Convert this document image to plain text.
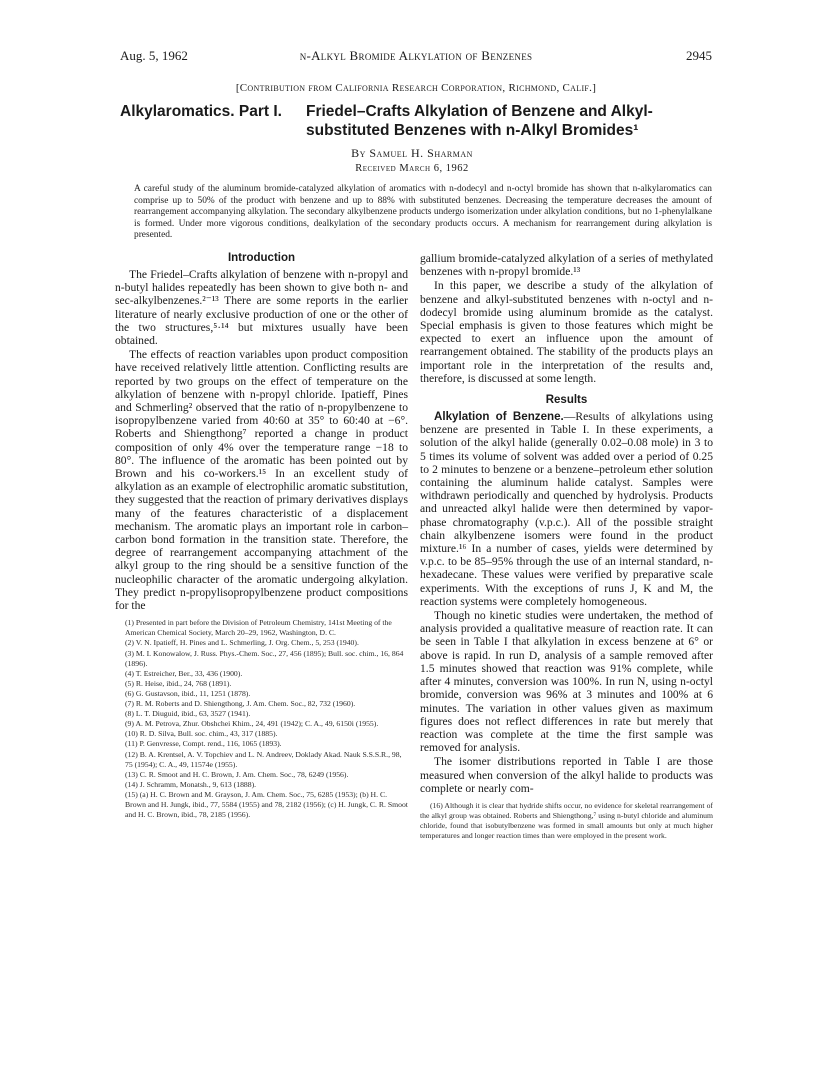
n-Alkyl Bromide Alkylation of Benzenes
Aug. 5, 1962	2945
[Contribution from California Research Corporation, Richmond, Calif.]
Alkylaromatics. Part I. Friedel–Crafts Alkylation of Benzene and Alkyl-substituted Benzenes with n-Alkyl Bromides¹
By Samuel H. Sharman
Received March 6, 1962
A careful study of the aluminum bromide-catalyzed alkylation of aromatics with n-dodecyl and n-octyl bromide has shown that n-alkylaromatics can comprise up to 50% of the product with benzene and up to 88% with substituted benzenes. Decreasing the temperature decreases the amount of rearrangement accompanying alkylation. The secondary alkylbenzene products undergo isomerization under alkylation conditions, but no 1-phenylalkane is formed. Under more vigorous conditions, dealkylation of the secondary products occurs. A mechanism for rearrangement during alkylation is presented.
Introduction

The Friedel–Crafts alkylation of benzene with n-propyl and n-butyl halides repeatedly has been shown to give both n- and sec-alkylbenzenes.²⁻¹³ There are some reports in the earlier literature of nearly exclusive production of one or the other of the two structures,⁵·¹⁴ but mixtures usually have been obtained.

The effects of reaction variables upon product composition have received relatively little attention. Conflicting results are reported by two groups on the effect of temperature on the alkylation of benzene with n-propyl chloride. Ipatieff, Pines and Schmerling² observed that the ratio of n-propylbenzene to isopropylbenzene varied from 40:60 at 35° to 60:40 at −6°. Roberts and Shiengthong⁷ reported a change in product composition of only 4% over the temperature range −18 to 80°. The influence of the aromatic has been pointed out by Brown and his co-workers.¹⁵ In an excellent study of alkylation as an example of electrophilic aromatic substitution, they suggested that the reaction of primary derivatives displays many of the features characteristic of a displacement mechanism. The aromatic plays an important role in carbon–carbon bond formation in the transition state. Therefore, the degree of rearrangement accompanying attachment of the alkyl group to the ring should be a sensitive function of the nucleophilic character of the aromatic undergoing alkylation. They predict n-propylisopropylbenzene product compositions for the

(1) Presented in part before the Division of Petroleum Chemistry, 141st Meeting of the American Chemical Society, March 20–29, 1962, Washington, D. C.

(2) V. N. Ipatieff, H. Pines and L. Schmerling, J. Org. Chem., 5, 253 (1940).

(3) M. I. Konowalow, J. Russ. Phys.-Chem. Soc., 27, 456 (1895); Bull. soc. chim., 16, 864 (1896).

(4) T. Estreicher, Ber., 33, 436 (1900).

(5) R. Heise, ibid., 24, 768 (1891).

(6) G. Gustavson, ibid., 11, 1251 (1878).

(7) R. M. Roberts and D. Shiengthong, J. Am. Chem. Soc., 82, 732 (1960).

(8) L. T. Diuguid, ibid., 63, 3527 (1941).

(9) A. M. Petrova, Zhur. Obshchei Khim., 24, 491 (1942); C. A., 49, 6150i (1955).

(10) R. D. Silva, Bull. soc. chim., 43, 317 (1885).

(11) P. Genvresse, Compt. rend., 116, 1065 (1893).

(12) B. A. Krentsel, A. V. Topchiev and L. N. Andreev, Doklady Akad. Nauk S.S.S.R., 98, 75 (1954); C. A., 49, 11574e (1955).

(13) C. R. Smoot and H. C. Brown, J. Am. Chem. Soc., 78, 6249 (1956).

(14) J. Schramm, Monatsh., 9, 613 (1888).

(15) (a) H. C. Brown and M. Grayson, J. Am. Chem. Soc., 75, 6285 (1953); (b) H. C. Brown and H. Jungk, ibid., 77, 5584 (1955) and 78, 2182 (1956); (c) H. Jungk, C. R. Smoot and H. C. Brown, ibid., 78, 2185 (1956).

gallium bromide-catalyzed alkylation of a series of methylated benzenes with n-propyl bromide.¹³

In this paper, we describe a study of the alkylation of benzene and alkyl-substituted benzenes with n-octyl and n-dodecyl bromide using aluminum bromide as the catalyst. Special emphasis is given to those features which might be expected to exert an influence upon the amount of rearrangement obtained. The stability of the products plays an important role in the interpretation of the results and, therefore, is discussed at some length.

Results

Alkylation of Benzene.—Results of alkylations using benzene are presented in Table I. In these experiments, a solution of the alkyl halide (generally 0.02–0.08 mole) in 3 to 5 times its volume of solvent was added over a period of 0.25 to 2 minutes to benzene or a benzene–petroleum ether solution containing the aluminum halide catalyst. Samples were withdrawn periodically and quenched by hydrolysis. Products and unreacted alkyl halide were then determined by vapor-phase chromatography (v.p.c.). All of the possible straight chain alkylbenzene isomers were found in the product mixture.¹⁶ In a number of cases, yields were determined by v.p.c. to be 85–95% through the use of an internal standard, n-hexadecane. These values were verified by preparative scale experiments. With the exceptions of runs J, K and M, the reaction systems were completely homogeneous.

Though no kinetic studies were undertaken, the method of analysis provided a qualitative measure of reaction rate. It can be seen in Table I that alkylation in excess benzene at 6° or above is rapid. In run D, analysis of a sample removed after 1.5 minutes showed that reaction was 91% complete, while after 4 minutes, conversion was 100%. In run N, using n-octyl bromide, conversion was 96% at 3 minutes and 100% at 6 minutes. The variation in other values given as maximum figures does not reflect differences in rate but merely that reaction was complete at the time the first sample was removed for analysis.

The isomer distributions reported in Table I are those measured when conversion of the alkyl halide to products was complete or nearly com-

(16) Although it is clear that hydride shifts occur, no evidence for skeletal rearrangement of the alkyl group was obtained. Roberts and Shiengthong,⁷ using n-butyl chloride and aluminum chloride, found that isobutylbenzene was formed in small amounts but only at much higher temperatures and longer reaction times than were employed in the present work.
